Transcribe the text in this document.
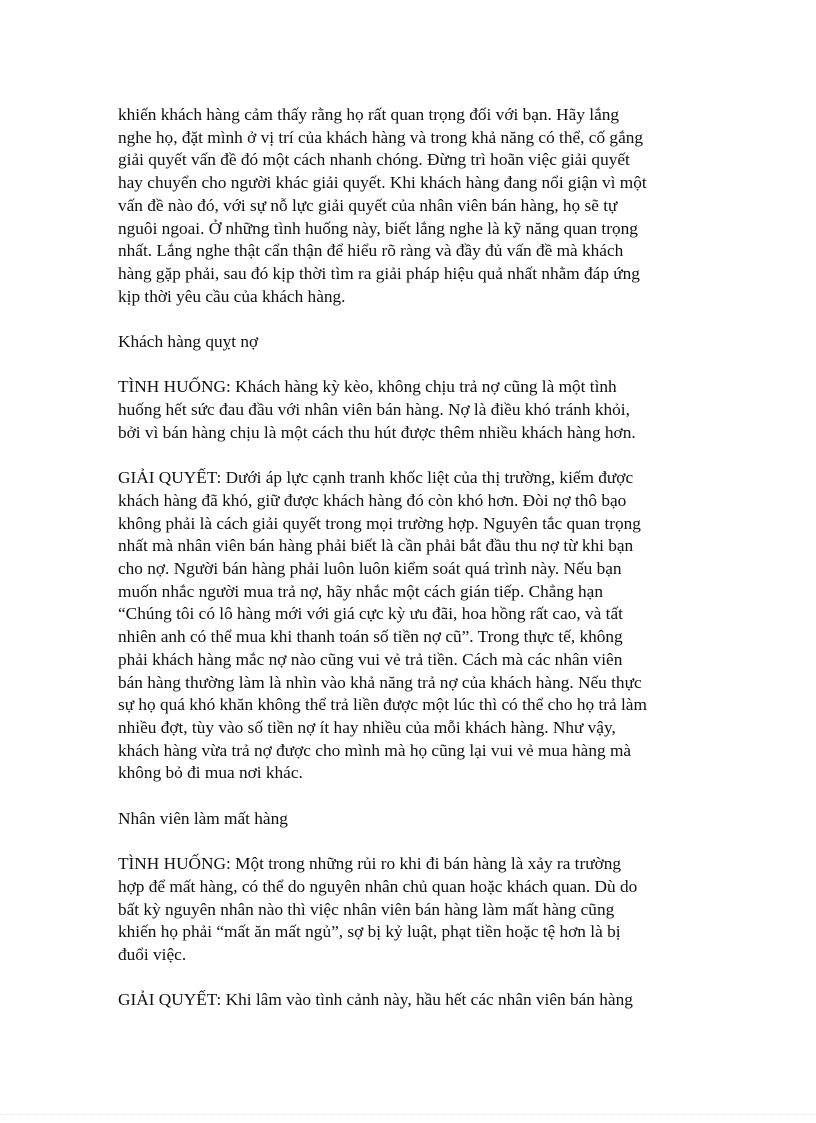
khiến khách hàng cảm thấy rằng họ rất quan trọng đối với bạn. Hãy lắng
nghe họ, đặt mình ở vị trí của khách hàng và trong khả năng có thể, cố gắng
giải quyết vấn đề đó một cách nhanh chóng. Đừng trì hoãn việc giải quyết
hay chuyển cho người khác giải quyết. Khi khách hàng đang nổi giận vì một
vấn đề nào đó, với sự nỗ lực giải quyết của nhân viên bán hàng, họ sẽ tự
nguôi ngoai. Ở những tình huống này, biết lắng nghe là kỹ năng quan trọng
nhất. Lắng nghe thật cẩn thận để hiểu rõ ràng và đầy đủ vấn đề mà khách
hàng gặp phải, sau đó kịp thời tìm ra giải pháp hiệu quả nhất nhằm đáp ứng
kịp thời yêu cầu của khách hàng.

Khách hàng quỵt nợ

TÌNH HUỐNG: Khách hàng kỳ kèo, không chịu trả nợ cũng là một tình
huống hết sức đau đầu với nhân viên bán hàng. Nợ là điều khó tránh khỏi,
bởi vì bán hàng chịu là một cách thu hút được thêm nhiều khách hàng hơn.

GIẢI QUYẾT: Dưới áp lực cạnh tranh khốc liệt của thị trường, kiếm được
khách hàng đã khó, giữ được khách hàng đó còn khó hơn. Đòi nợ thô bạo
không phải là cách giải quyết trong mọi trường hợp. Nguyên tắc quan trọng
nhất mà nhân viên bán hàng phải biết là cần phải bắt đầu thu nợ từ khi bạn
cho nợ. Người bán hàng phải luôn luôn kiểm soát quá trình này. Nếu bạn
muốn nhắc người mua trả nợ, hãy nhắc một cách gián tiếp. Chẳng hạn
“Chúng tôi có lô hàng mới với giá cực kỳ ưu đãi, hoa hồng rất cao, và tất
nhiên anh có thể mua khi thanh toán số tiền nợ cũ”. Trong thực tế, không
phải khách hàng mắc nợ nào cũng vui vẻ trả tiền. Cách mà các nhân viên
bán hàng thường làm là nhìn vào khả năng trả nợ của khách hàng. Nếu thực
sự họ quá khó khăn không thể trả liền được một lúc thì có thể cho họ trả làm
nhiều đợt, tùy vào số tiền nợ ít hay nhiều của mỗi khách hàng. Như vậy,
khách hàng vừa trả nợ được cho mình mà họ cũng lại vui vẻ mua hàng mà
không bỏ đi mua nơi khác.

Nhân viên làm mất hàng

TÌNH HUỐNG: Một trong những rủi ro khi đi bán hàng là xảy ra trường
hợp để mất hàng, có thể do nguyên nhân chủ quan hoặc khách quan. Dù do
bất kỳ nguyên nhân nào thì việc nhân viên bán hàng làm mất hàng cũng
khiến họ phải “mất ăn mất ngủ”, sợ bị kỷ luật, phạt tiền hoặc tệ hơn là bị
đuổi việc.

GIẢI QUYẾT: Khi lâm vào tình cảnh này, hầu hết các nhân viên bán hàng
